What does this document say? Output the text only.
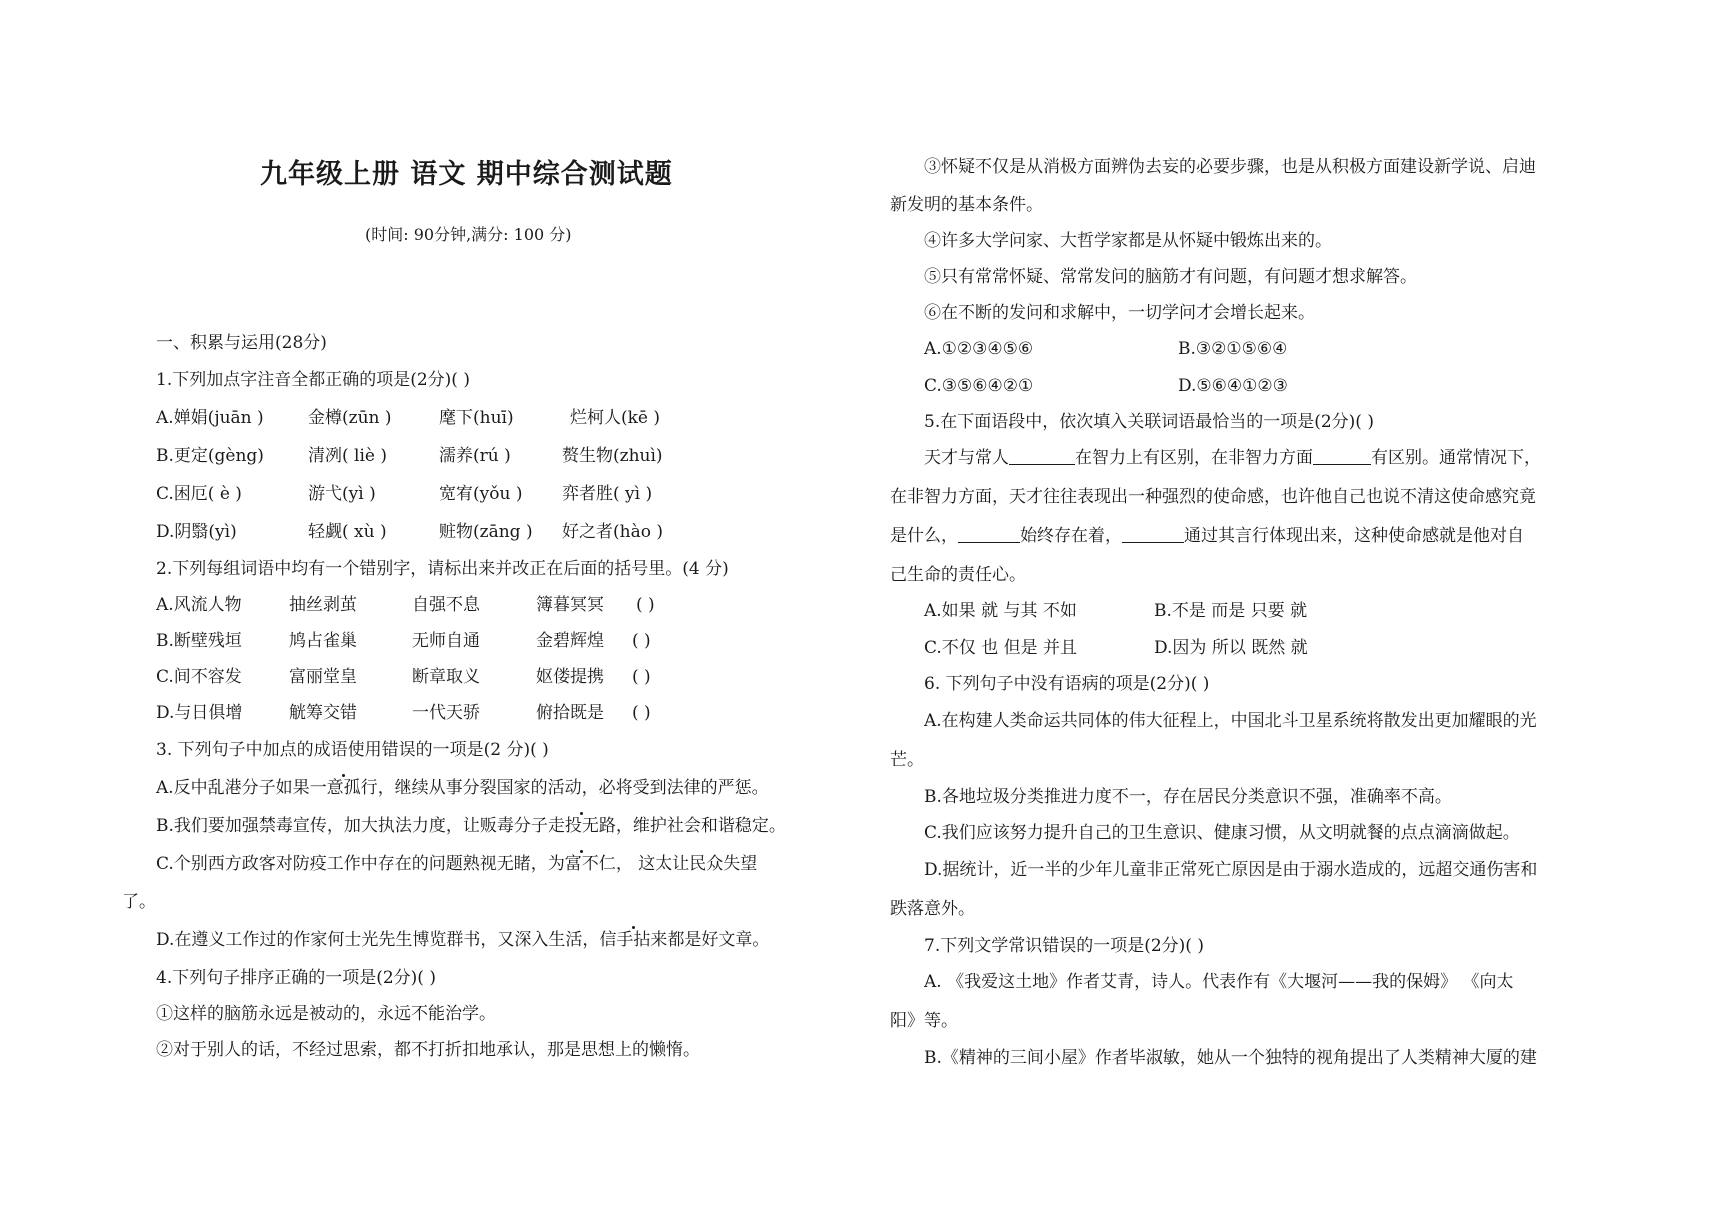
九年级上册 语文 期中综合测试题
(时间: 90分钟,满分: 100 分)
一、积累与运用(28分)
1.下列加点字注音全都正确的项是(2分)( )
A.婵娟(juān )	金樽(zūn )	麾下(huī)	烂柯人(kē )
B.更定(gèng)	清冽( liè )	濡养(rú )	赘生物(zhuì)
C.困厄( è )	游弋(yì )	宽宥(yǒu ) 弈者胜( yì )
D.阴翳(yì)	轻觑( xù )	赃物(zāng ) 好之者(hào )
2.下列每组词语中均有一个错别字，请标出来并改正在后面的括号里。(4 分)
A.风流人物	抽丝剥茧	自强不息	簿暮冥冥 ( )
B.断壁残垣	鸠占雀巢	无师自通	金碧辉煌 ( )
C.间不容发	富丽堂皇	断章取义	妪偻提携 ( )
D.与日俱增	觥筹交错	一代天骄	俯拾既是 ( )
3. 下列句子中加点的成语使用错误的一项是(2 分)( )
A.反中乱港分子如果一意孤行，继续从事分裂国家的活动，必将受到法律的严惩。
B.我们要加强禁毒宣传，加大执法力度，让贩毒分子走投无路，维护社会和谐稳定。
C.个别西方政客对防疫工作中存在的问题熟视无睹，为富不仁， 这太让民众失望
了。
D.在遵义工作过的作家何士光先生博览群书，又深入生活，信手拈来都是好文章。
4.下列句子排序正确的一项是(2分)( )
①这样的脑筋永远是被动的，永远不能治学。
②对于别人的话，不经过思索，都不打折扣地承认，那是思想上的懒惰。
③怀疑不仅是从消极方面辨伪去妄的必要步骤，也是从积极方面建设新学说、启迪
新发明的基本条件。
④许多大学问家、大哲学家都是从怀疑中锻炼出来的。
⑤只有常常怀疑、常常发问的脑筋才有问题，有问题才想求解答。
⑥在不断的发问和求解中，一切学问才会增长起来。
A.①②③④⑤⑥	B.③②①⑤⑥④
C.③⑤⑥④②①	D.⑤⑥④①②③
5.在下面语段中，依次填入关联词语最恰当的一项是(2分)( )
天才与常人	在智力上有区别，在非智力方面	有区别。通常情况下，
在非智力方面，天才往往表现出一种强烈的使命感，也许他自己也说不清这使命感究竟
是什么，	始终存在着，	通过其言行体现出来，这种使命感就是他对自
己生命的责任心。
A.如果 就 与其 不如	B.不是 而是 只要 就
C.不仅 也 但是 并且	D.因为 所以 既然 就
6. 下列句子中没有语病的项是(2分)( )
A.在构建人类命运共同体的伟大征程上，中国北斗卫星系统将散发出更加耀眼的光
芒。
B.各地垃圾分类推进力度不一，存在居民分类意识不强，准确率不高。
C.我们应该努力提升自己的卫生意识、健康习惯，从文明就餐的点点滴滴做起。
D.据统计，近一半的少年儿童非正常死亡原因是由于溺水造成的，远超交通伤害和
跌落意外。
7.下列文学常识错误的一项是(2分)( )
A. 《我爱这土地》作者艾青，诗人。代表作有《大堰河——我的保姆》 《向太
阳》等。
B.《精神的三间小屋》作者毕淑敏，她从一个独特的视角提出了人类精神大厦的建
